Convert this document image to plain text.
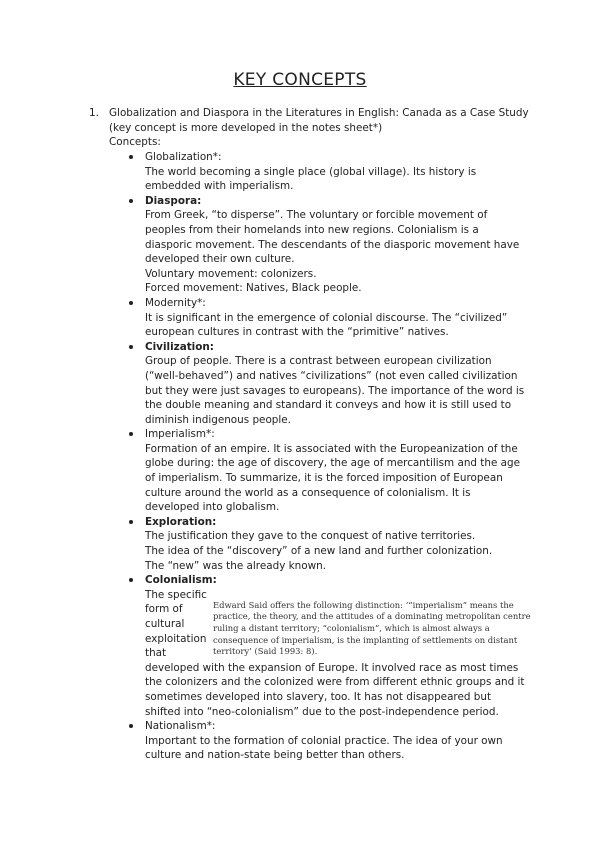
KEY CONCEPTS
1. Globalization and Diaspora in the Literatures in English: Canada as a Case Study (key concept is more developed in the notes sheet*)
Concepts:
Globalization*:
The world becoming a single place (global village). Its history is embedded with imperialism.
Diaspora:
From Greek, “to disperse”. The voluntary or forcible movement of peoples from their homelands into new regions. Colonialism is a diasporic movement. The descendants of the diasporic movement have developed their own culture.
Voluntary movement: colonizers.
Forced movement: Natives, Black people.
Modernity*:
It is significant in the emergence of colonial discourse. The “civilized” european cultures in contrast with the “primitive” natives.
Civilization:
Group of people. There is a contrast between european civilization (“well-behaved”) and natives “civilizations” (not even called civilization but they were just savages to europeans). The importance of the word is the double meaning and standard it conveys and how it is still used to diminish indigenous people.
Imperialism*:
Formation of an empire. It is associated with the Europeanization of the globe during: the age of discovery, the age of mercantilism and the age of imperialism. To summarize, it is the forced imposition of European culture around the world as a consequence of colonialism. It is developed into globalism.
Exploration:
The justification they gave to the conquest of native territories.
The idea of the “discovery” of a new land and further colonization.
The “new” was the already known.
Colonialism:
Edward Said offers the following distinction: ‘“imperialism” means the practice, the theory, and the attitudes of a dominating metropolitan centre ruling a distant territory; “colonialism”, which is almost always a consequence of imperialism, is the implanting of settlements on distant territory’ (Said 1993: 8).
The specific form of cultural exploitation that developed with the expansion of Europe. It involved race as most times the colonizers and the colonized were from different ethnic groups and it sometimes developed into slavery, too. It has not disappeared but shifted into “neo-colonialism” due to the post-independence period.
Nationalism*:
Important to the formation of colonial practice. The idea of your own culture and nation-state being better than others.
